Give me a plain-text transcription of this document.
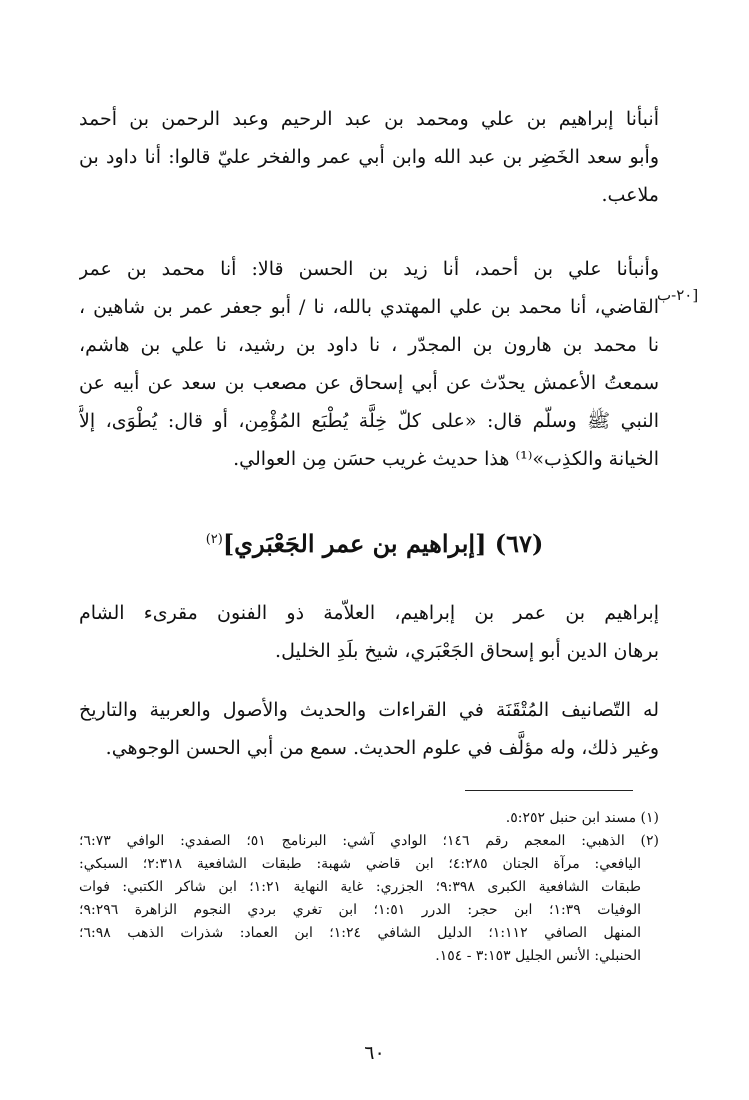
أنبأنا إبراهيم بن علي ومحمد بن عبد الرحيم وعبد الرحمن بن أحمد
وأبو سعد الخَضِر بن عبد الله وابن أبي عمر والفخر عليّ قالوا: أنا داود بن
ملاعب.
[٢٠-ب
وأنبأنا علي بن أحمد، أنا زيد بن الحسن قالا: أنا محمد بن عمر
القاضي، أنا محمد بن علي المهتدي بالله، نا / أبو جعفر عمر بن شاهين ،
نا محمد بن هارون بن المجدّر ، نا داود بن رشيد، نا علي بن هاشم،
سمعتُ الأعمش يحدّث عن أبي إسحاق عن مصعب بن سعد عن أبيه عن
النبي ﷺ وسلّم قال: «على كلّ خِلَّة يُطْبَع المُؤْمِن، أو قال: يُطْوَى، إلاَّ
الخيانة والكذِب»⁽¹⁾ هذا حديث غريب حسَن مِن العوالي.
(٦٧) [إبراهيم بن عمر الجَعْبَري]$^{(٢)}$
إبراهيم بن عمر بن إبراهيم، العلاّمة ذو الفنون مقرىء الشام
برهان الدين أبو إسحاق الجَعْبَري، شيخ بلَدِ الخليل.
له التّصانيف المُتْقَنَة في القراءات والحديث والأصول والعربية والتاريخ
وغير ذلك، وله مؤلَّف في علوم الحديث. سمع من أبي الحسن الوجوهي.
(١) مسند ابن حنبل ٥:٢٥٢.
(٢) الذهبي: المعجم رقم ١٤٦؛ الوادي آشي: البرنامج ٥١؛ الصفدي: الوافي ٦:٧٣؛
اليافعي: مرآة الجنان ٤:٢٨٥؛ ابن قاضي شهبة: طبقات الشافعية ٢:٣١٨؛ السبكي:
طبقات الشافعية الكبرى ٩:٣٩٨؛ الجزري: غاية النهاية ١:٢١؛ ابن شاكر الكتبي: فوات
الوفيات ١:٣٩؛ ابن حجر: الدرر ١:٥١؛ ابن تغري بردي النجوم الزاهرة ٩:٢٩٦؛
المنهل الصافي ١:١١٢؛ الدليل الشافي ١:٢٤؛ ابن العماد: شذرات الذهب ٦:٩٨؛
الحنبلي: الأنس الجليل ٣:١٥٣ - ١٥٤.
٦٠
